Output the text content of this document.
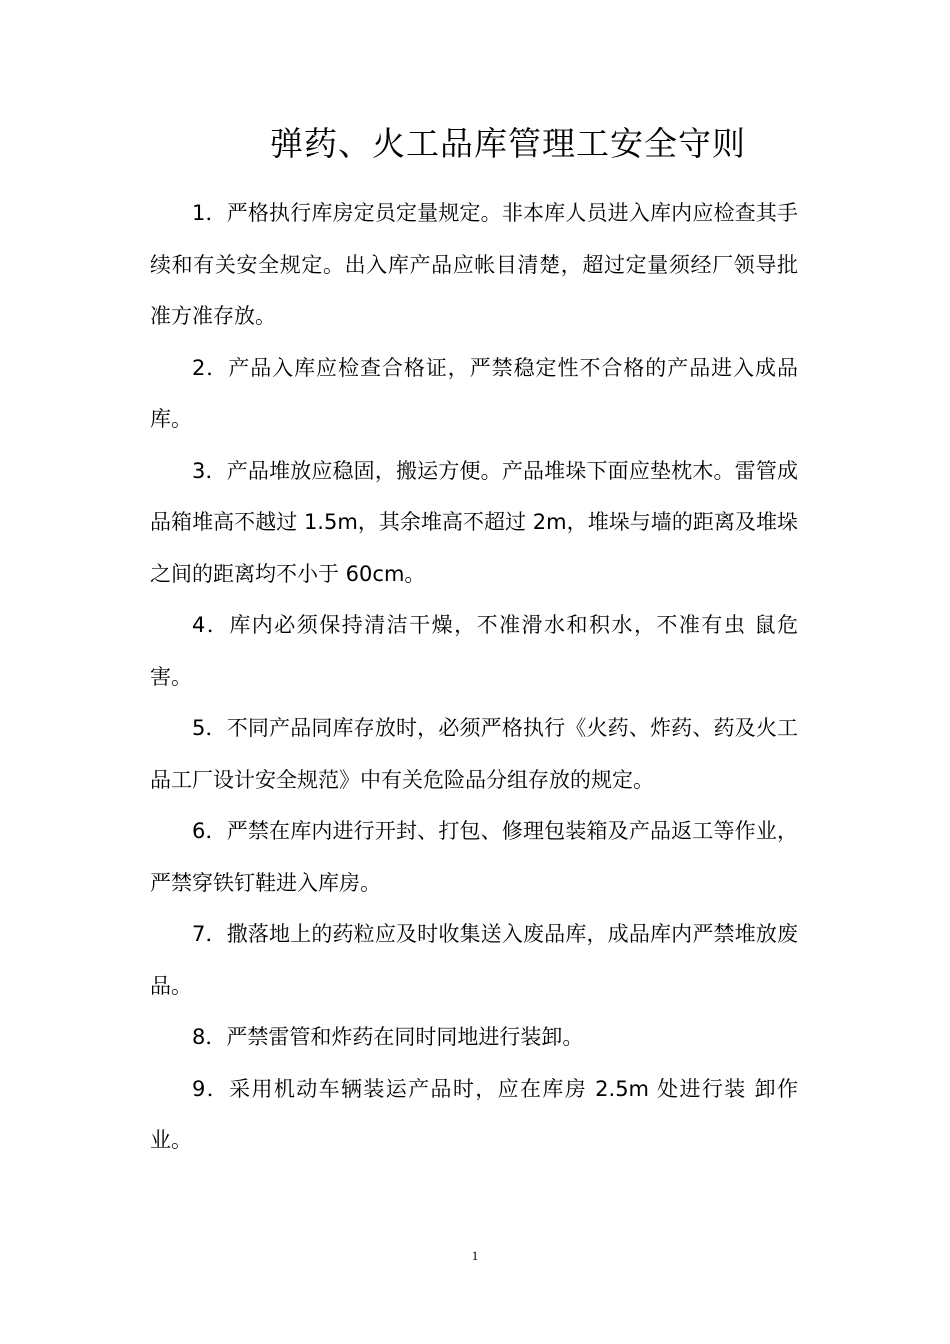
弹药、火工品库管理工安全守则

1．严格执行库房定员定量规定。非本库人员进入库内应检查其手续和有关安全规定。出入库产品应帐目清楚，超过定量须经厂领导批准方准存放。

2．产品入库应检查合格证，严禁稳定性不合格的产品进入成品库。

3．产品堆放应稳固，搬运方便。产品堆垛下面应垫枕木。雷管成品箱堆高不越过 1.5m，其余堆高不超过 2m，堆垛与墙的距离及堆垛之间的距离均不小于 60cm。

4．库内必须保持清洁干燥，不准滑水和积水，不准有虫 鼠危害。

5．不同产品同库存放时，必须严格执行《火药、炸药、药及火工品工厂设计安全规范》中有关危险品分组存放的规定。

6．严禁在库内进行开封、打包、修理包装箱及产品返工等作业，严禁穿铁钉鞋进入库房。

7．撒落地上的药粒应及时收集送入废品库，成品库内严禁堆放废品。

8．严禁雷管和炸药在同时同地进行装卸。

9．采用机动车辆装运产品时，应在库房 2.5m 处进行装 卸作业。

1
